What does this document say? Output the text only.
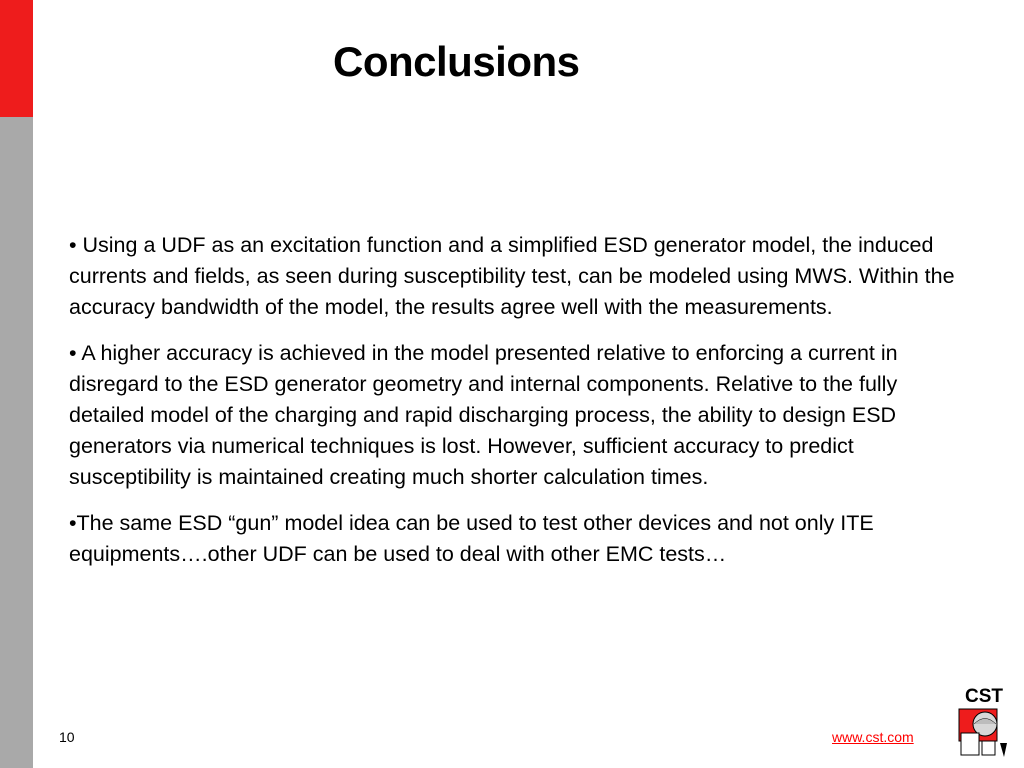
Conclusions

• Using a UDF as an excitation function and a simplified ESD generator model, the induced currents and fields, as seen during susceptibility test, can be modeled using MWS. Within the accuracy bandwidth of the model, the results agree well with the measurements.

• A higher accuracy is achieved in the model presented relative to enforcing a current in disregard to the ESD generator geometry and internal components. Relative to the fully detailed model of the charging and rapid discharging process, the ability to design ESD generators via numerical techniques is lost. However, sufficient accuracy to predict susceptibility is maintained creating much shorter calculation times.

•The same ESD “gun” model idea can be used to test other devices and not only ITE equipments….other UDF can be used to deal with other EMC tests…

10	www.cst.com
CST
